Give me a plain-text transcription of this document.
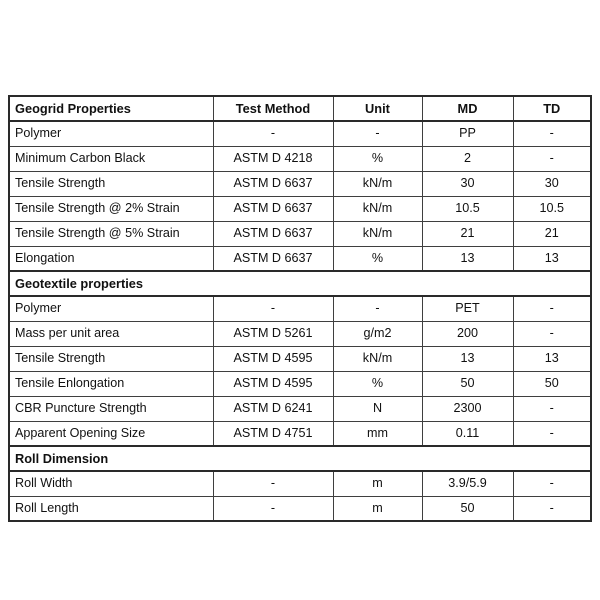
Geogrid Properties	Test Method	Unit	MD	TD
Polymer	-	-	PP	-
Minimum Carbon Black	ASTM D 4218	%	2	-
Tensile Strength	ASTM D 6637	kN/m	30	30
Tensile Strength @ 2% Strain	ASTM D 6637	kN/m	10.5	10.5
Tensile Strength @ 5% Strain	ASTM D 6637	kN/m	21	21
Elongation	ASTM D 6637	%	13	13
Geotextile properties				
Polymer	-	-	PET	-
Mass per unit area	ASTM D 5261	g/m2	200	-
Tensile Strength	ASTM D 4595	kN/m	13	13
Tensile Enlongation	ASTM D 4595	%	50	50
CBR Puncture Strength	ASTM D 6241	N	2300	-
Apparent Opening Size	ASTM D 4751	mm	0.11	-
Roll Dimension				
Roll Width	-	m	3.9/5.9	-
Roll Length	-	m	50	-
